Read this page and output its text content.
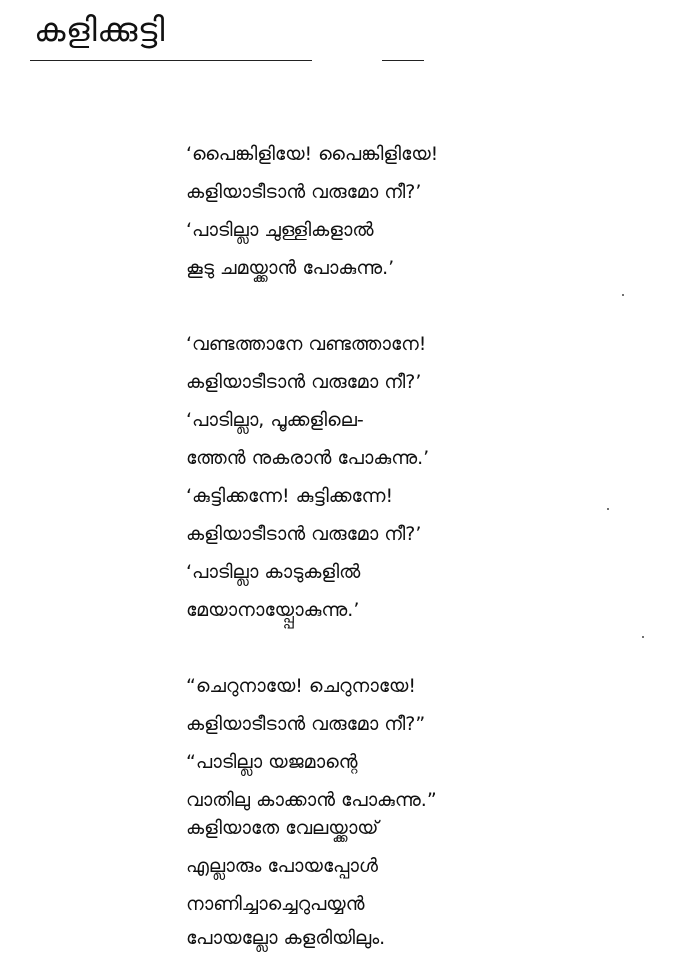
കളിക്കുട്ടി
‘പൈങ്കിളിയേ! പൈങ്കിളിയേ!
കളിയാടീടാൻ വരുമോ നീ?’
‘പാടില്ലാ ചുള്ളികളാൽ
കൂടു ചമയ്ക്കാൻ പോകുന്നു.’
‘വണ്ടത്താനേ വണ്ടത്താനേ!
കളിയാടീടാൻ വരുമോ നീ?’
‘പാടില്ലാ, പൂക്കളിലെ-
ത്തേൻ നുകരാൻ പോകുന്നു.’
‘കുട്ടിക്കന്നേ! കുട്ടിക്കന്നേ!
കളിയാടീടാൻ വരുമോ നീ?’
‘പാടില്ലാ കാടുകളിൽ
മേയാനായ്പ്പോകുന്നു.’
“ചെറുനായേ! ചെറുനായേ!
കളിയാടീടാൻ വരുമോ നീ?”
“പാടില്ലാ യജമാന്റെ
വാതിലു കാക്കാൻ പോകുന്നു.”
കളിയാതേ വേലയ്ക്കായ്
എല്ലാരും പോയപ്പോൾ
നാണിച്ചാച്ചെറുപയ്യൻ
പോയല്ലോ കളരിയിലും.
